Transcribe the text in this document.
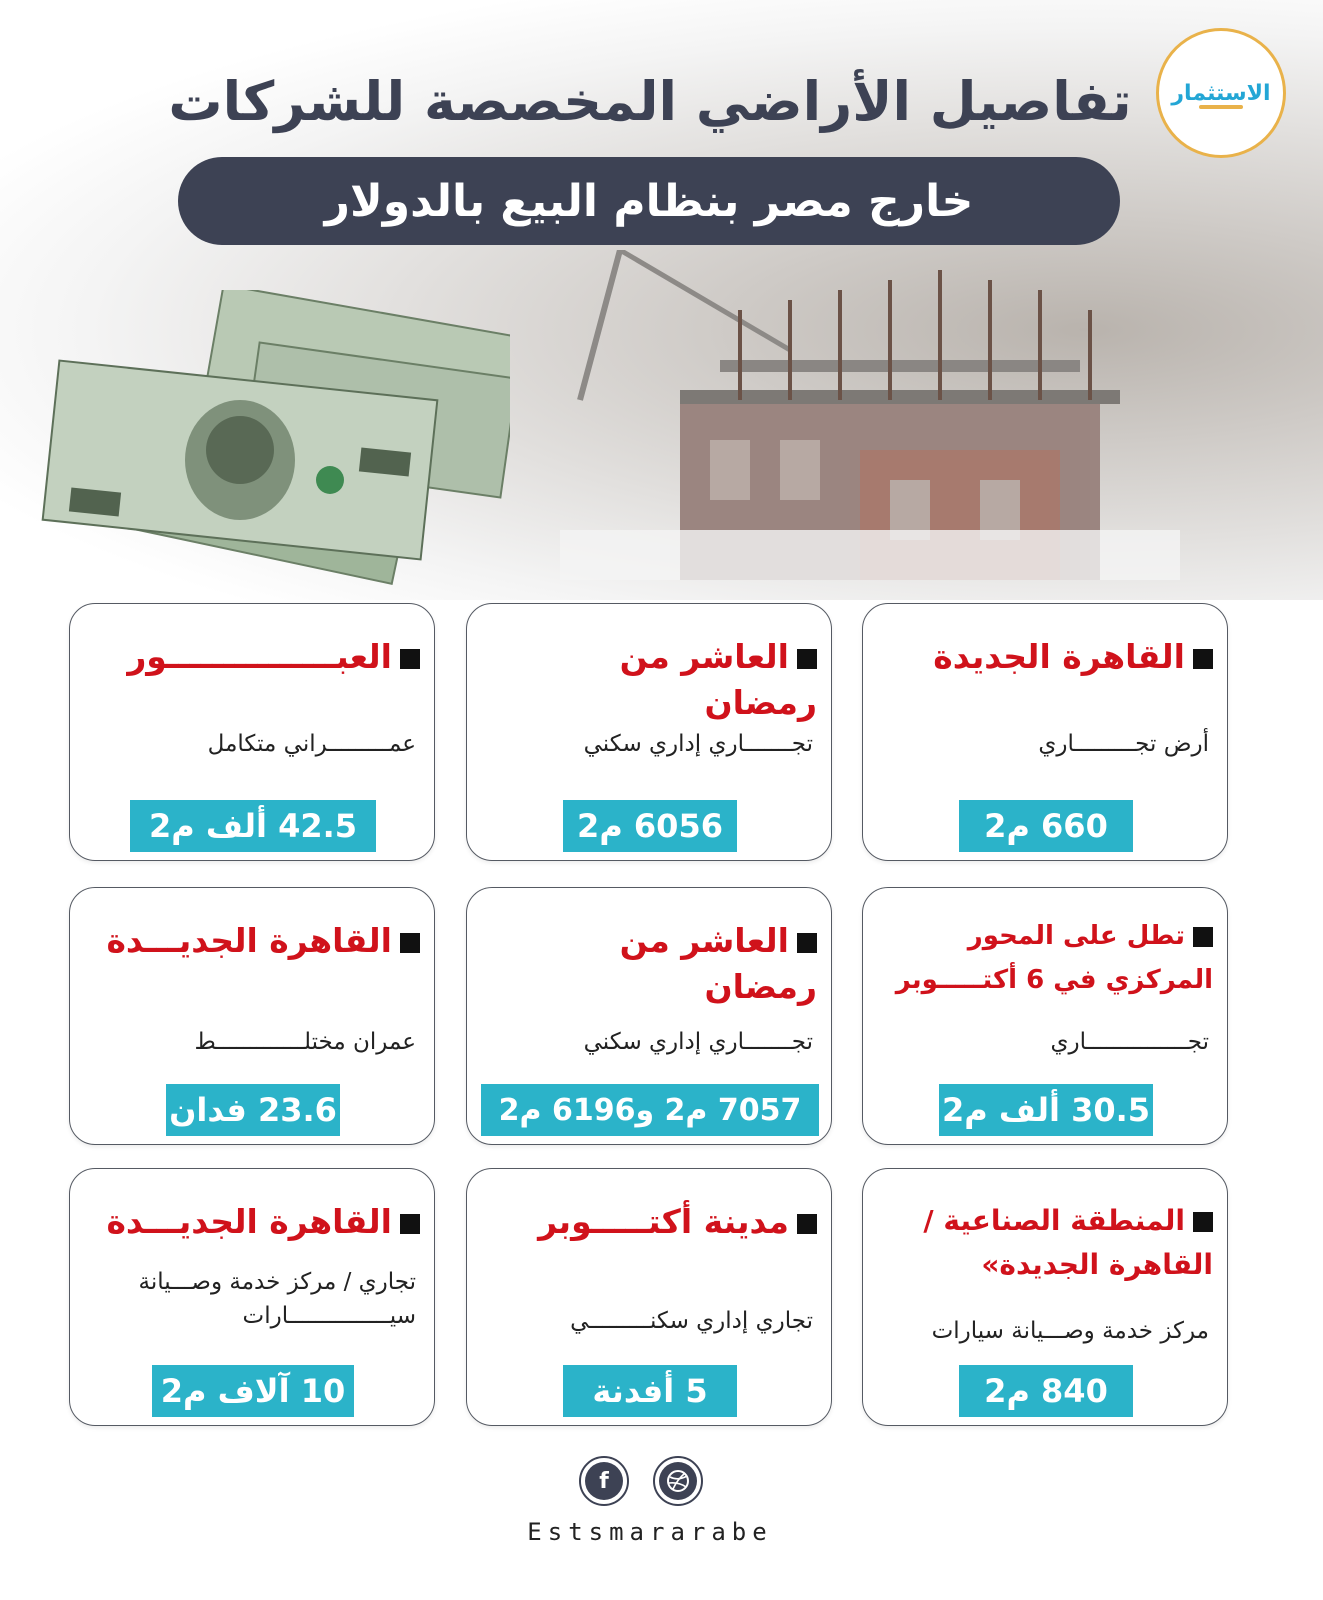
الاستثمار
تفاصيل الأراضي المخصصة للشركات
خارج مصر بنظام البيع بالدولار
القاهرة الجديدة
أرض تجـــــــــاري
660 م2
العاشر من رمضان
تجـــــــاري إداري سكني
6056 م2
العبـــــــــــــــور
عمـــــــــراني متكامل
42.5 ألف م2
تطل على المحور المركزي في 6 أكتـــــوبر
تجـــــــــــــــاري
30.5 ألف م2
العاشر من رمضان
تجـــــــاري إداري سكني
7057 م2 و6196 م2
القاهرة الجديـــدة
عمران مختلـــــــــــــط
23.6 فدان
المنطقة الصناعية / القاهرة الجديدة»
مركز خدمة وصـــيانة سيارات
840 م2
مدينة أكتـــــوبر
تجاري إداري سكنـــــــــي
5 أفدنة
القاهرة الجديـــدة
تجاري / مركز خدمة وصـــيانة سيـــــــــــــــارات
10 آلاف م2
f
Estsmararabe
